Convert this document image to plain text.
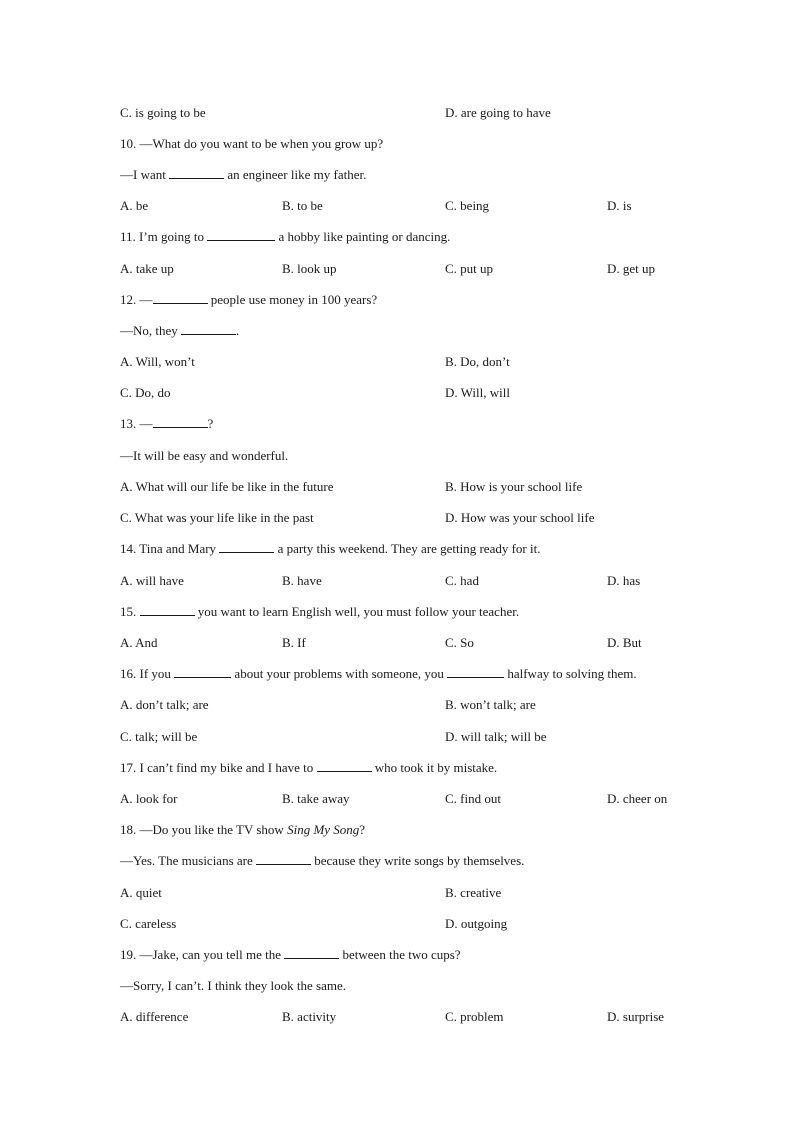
C. is going to be	D. are going to have
10. —What do you want to be when you grow up?
—I want	an engineer like my father.
A. be	B. to be	C. being	D. is
11. I’m going to	a hobby like painting or dancing.
A. take up	B. look up	C. put up	D. get up
12. —	people use money in 100 years?
—No, they	.
A. Will, won’t	B. Do, don’t
C. Do, do	D. Will, will
13. —	?
—It will be easy and wonderful.
A. What will our life be like in the future	B. How is your school life
C. What was your life like in the past	D. How was your school life
14. Tina and Mary	a party this weekend. They are getting ready for it.
A. will have	B. have	C. had	D. has
15.	you want to learn English well, you must follow your teacher.
A. And	B. If	C. So	D. But
16. If you	about your problems with someone, you	halfway to solving them.
A. don’t talk; are	B. won’t talk; are
C. talk; will be	D. will talk; will be
17. I can’t find my bike and I have to	who took it by mistake.
A. look for	B. take away	C. find out	D. cheer on
18. —Do you like the TV show Sing My Song?
—Yes. The musicians are	because they write songs by themselves.
A. quiet	B. creative
C. careless	D. outgoing
19. —Jake, can you tell me the	between the two cups?
—Sorry, I can’t. I think they look the same.
A. difference	B. activity	C. problem	D. surprise
